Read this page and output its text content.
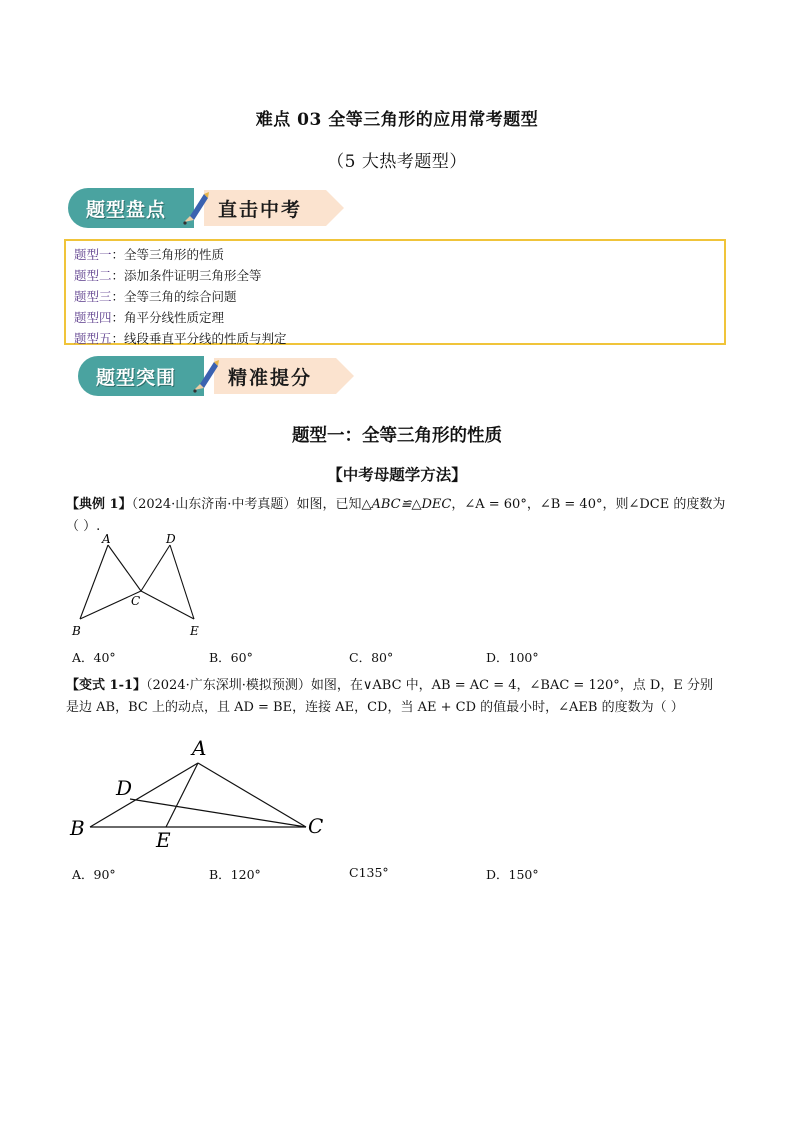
难点 03 全等三角形的应用常考题型
（5 大热考题型）
题型盘点	直击中考
题型一：全等三角形的性质
题型二：添加条件证明三角形全等
题型三：全等三角的综合问题
题型四：角平分线性质定理
题型五：线段垂直平分线的性质与判定
题型突围	精准提分
题型一：全等三角形的性质
【中考母题学方法】
【典例 1】（2024·山东济南·中考真题）如图，已知△ABC≌△DEC，∠A = 60°，∠B = 40°，则∠DCE 的度数为
（ ）.
A	D
C
B	E
A．40°	B．60°	C．80°	D．100°
【变式 1-1】（2024·广东深圳·模拟预测）如图，在∨ABC 中，AB = AC = 4，∠BAC = 120°，点 D，E 分别
是边 AB，BC 上的动点，且 AD = BE，连接 AE，CD，当 AE + CD 的值最小时，∠AEB 的度数为（ ）
A
D
B	E
C
A．90°	B．120°	C135°	D．150°
